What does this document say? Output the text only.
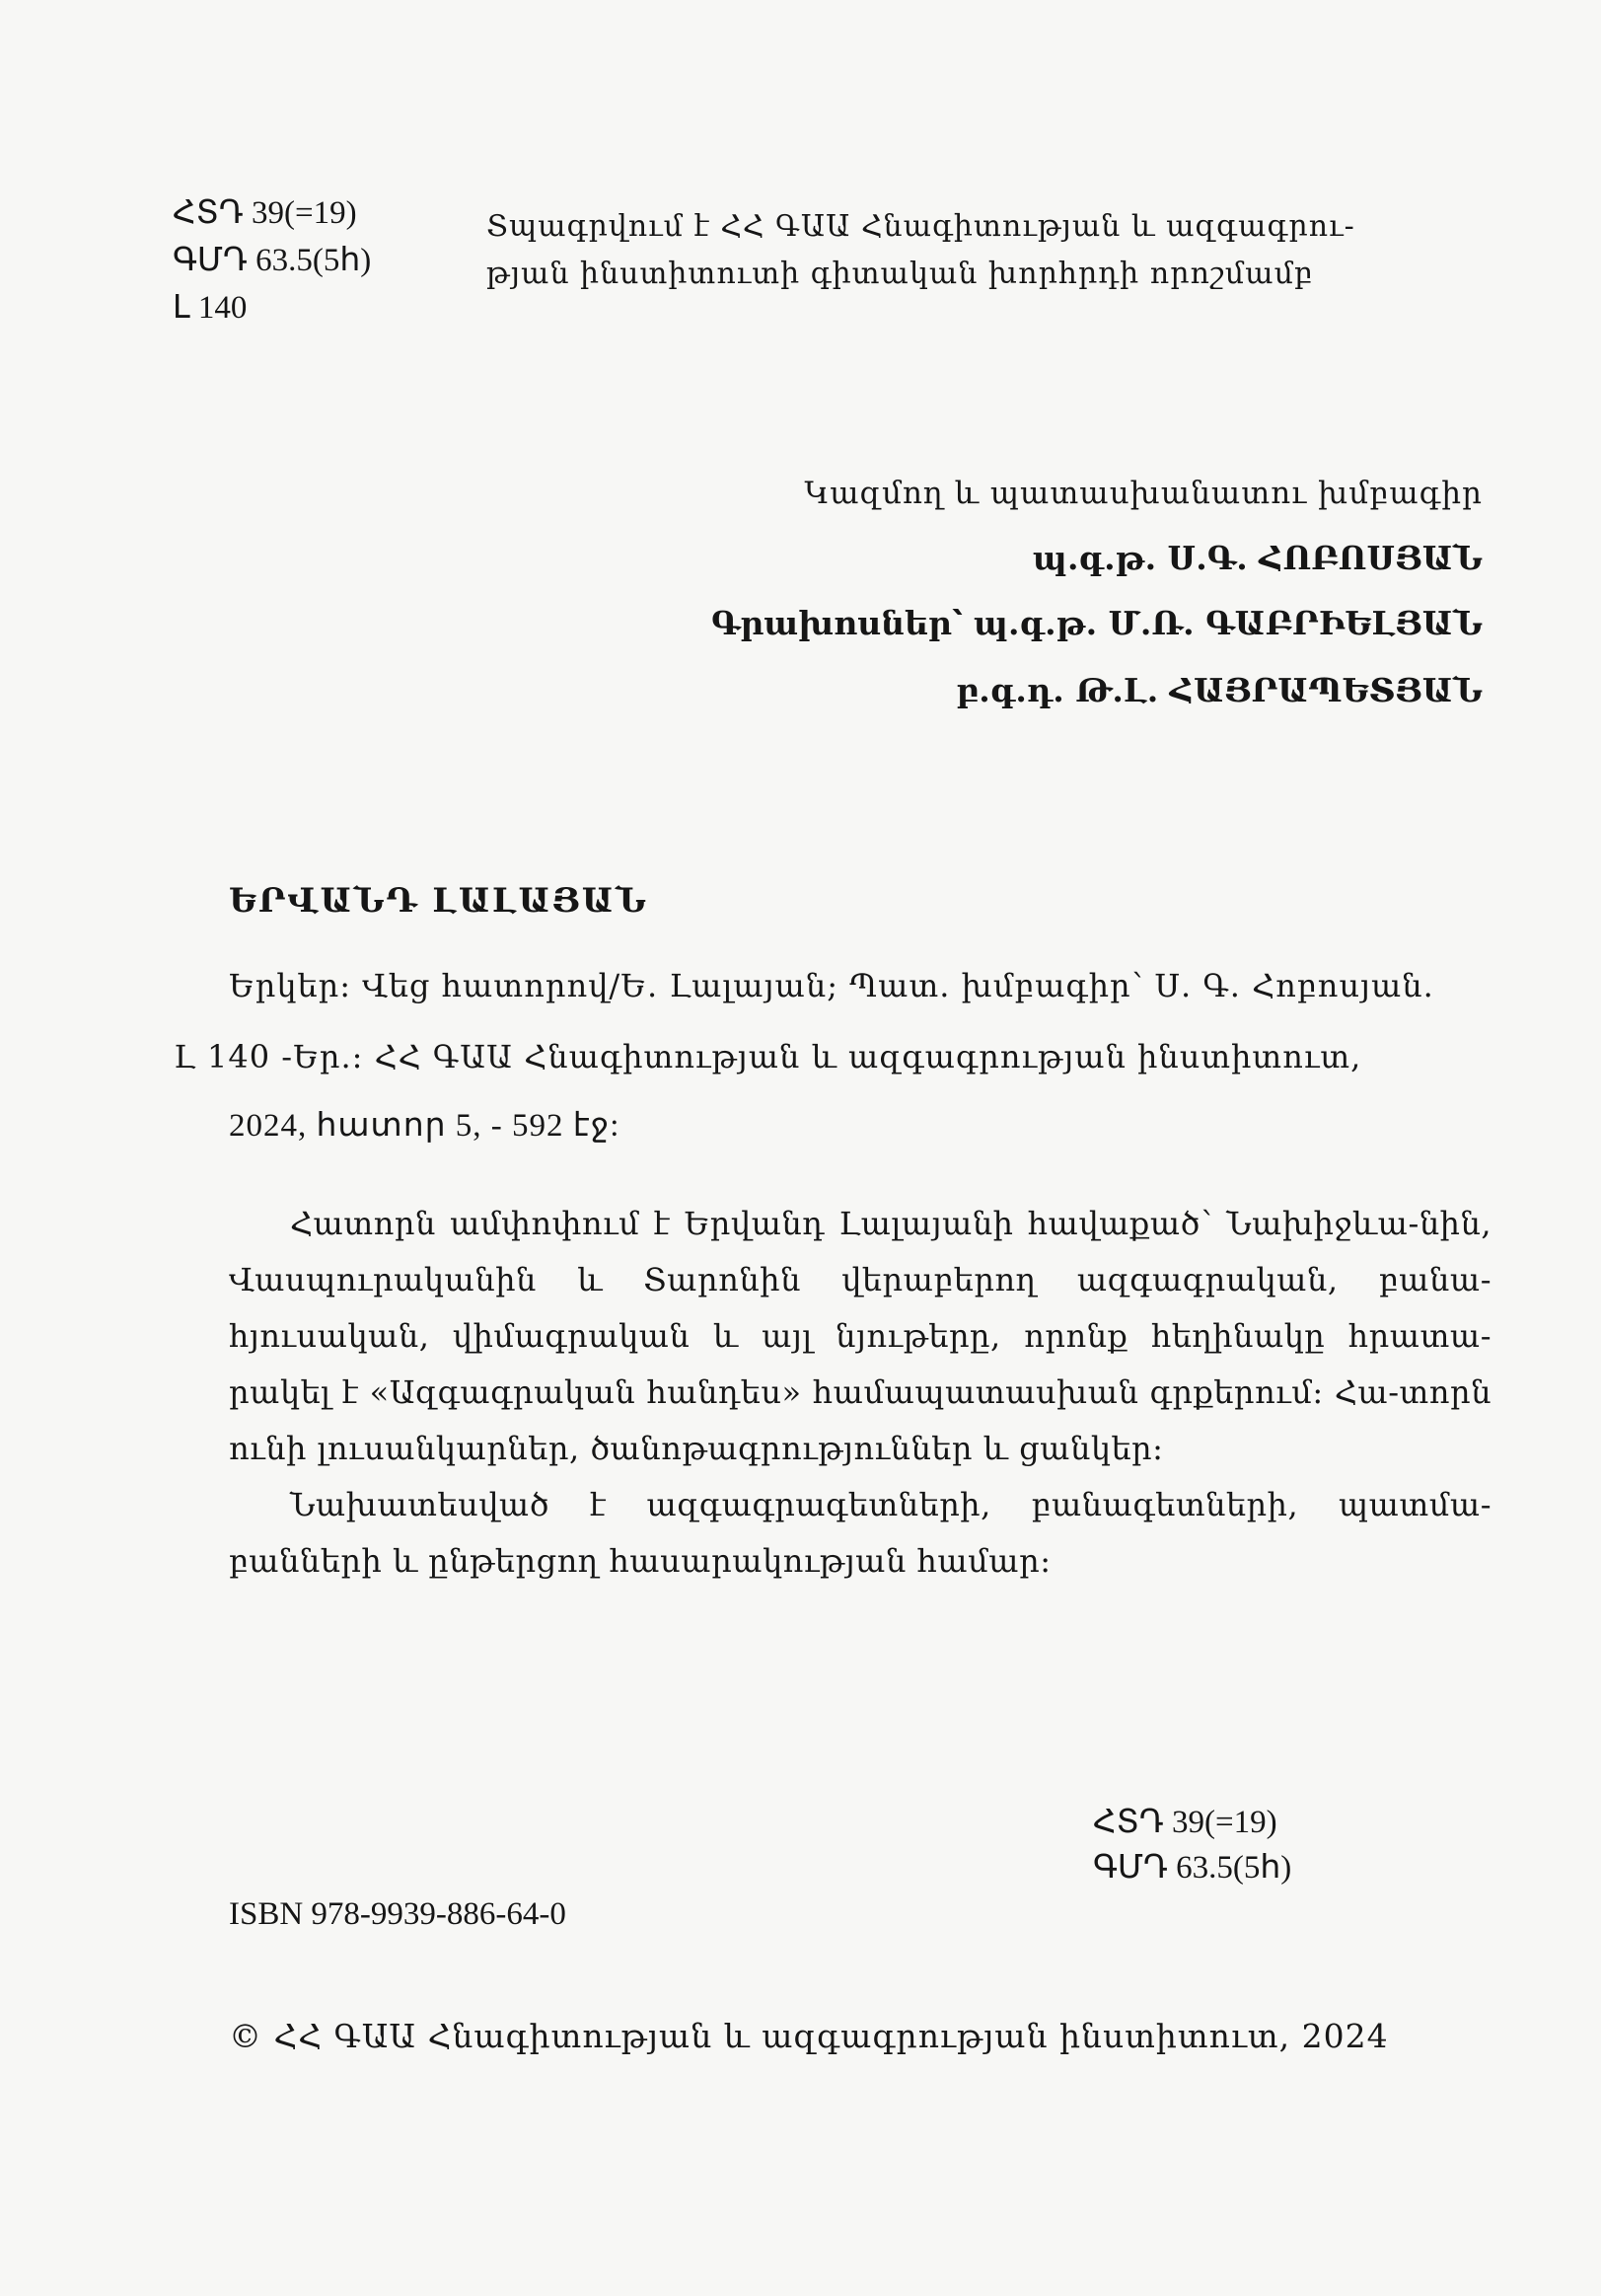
ՀՏԴ 39(=19)
ԳՄԴ 63.5(5հ)
Լ 140
Տպագրվում է ՀՀ ԳԱԱ Հնագիտության և ազգագրու-
թյան ինստիտուտի գիտական խորհրդի որոշմամբ
Կազմող և պատասխանատու խմբագիր
պ.գ.թ. Ս.Գ. ՀՈԲՈՍՅԱՆ
Գրախոսներ՝ պ.գ.թ. Մ.Ռ. ԳԱԲՐԻԵԼՅԱՆ
բ.գ.դ. Թ.Լ. ՀԱՅՐԱՊԵՏՅԱՆ
ԵՐՎԱՆԴ ԼԱԼԱՅԱՆ
Երկեր: Վեց հատորով/Ե. Լալայան; Պատ. խմբագիր՝ Ս. Գ. Հոբոսյան.
Լ 140 -Եր.: ՀՀ ԳԱԱ Հնագիտության և ազգագրության ինստիտուտ,
2024, հատոր 5, - 592 էջ:

Հատորն ամփոփում է Երվանդ Լալայանի հավաքած՝ Նախիջևա-նին, Վասպուրականին և Տարոնին վերաբերող ազգագրական, բանա-հյուսական, վիմագրական և այլ նյութերը, որոնք հեղինակը հրատա-րակել է «Ազգագրական հանդես» համապատասխան գրքերում: Հա-տորն ունի լուսանկարներ, ծանոթագրություններ և ցանկեր:

Նախատեսված է ազգագրագետների, բանագետների, պատմա-բանների և ընթերցող հասարակության համար:

ՀՏԴ 39(=19)
ԳՄԴ 63.5(5հ)
ISBN 978-9939-886-64-0
© ՀՀ ԳԱԱ Հնագիտության և ազգագրության ինստիտուտ, 2024
